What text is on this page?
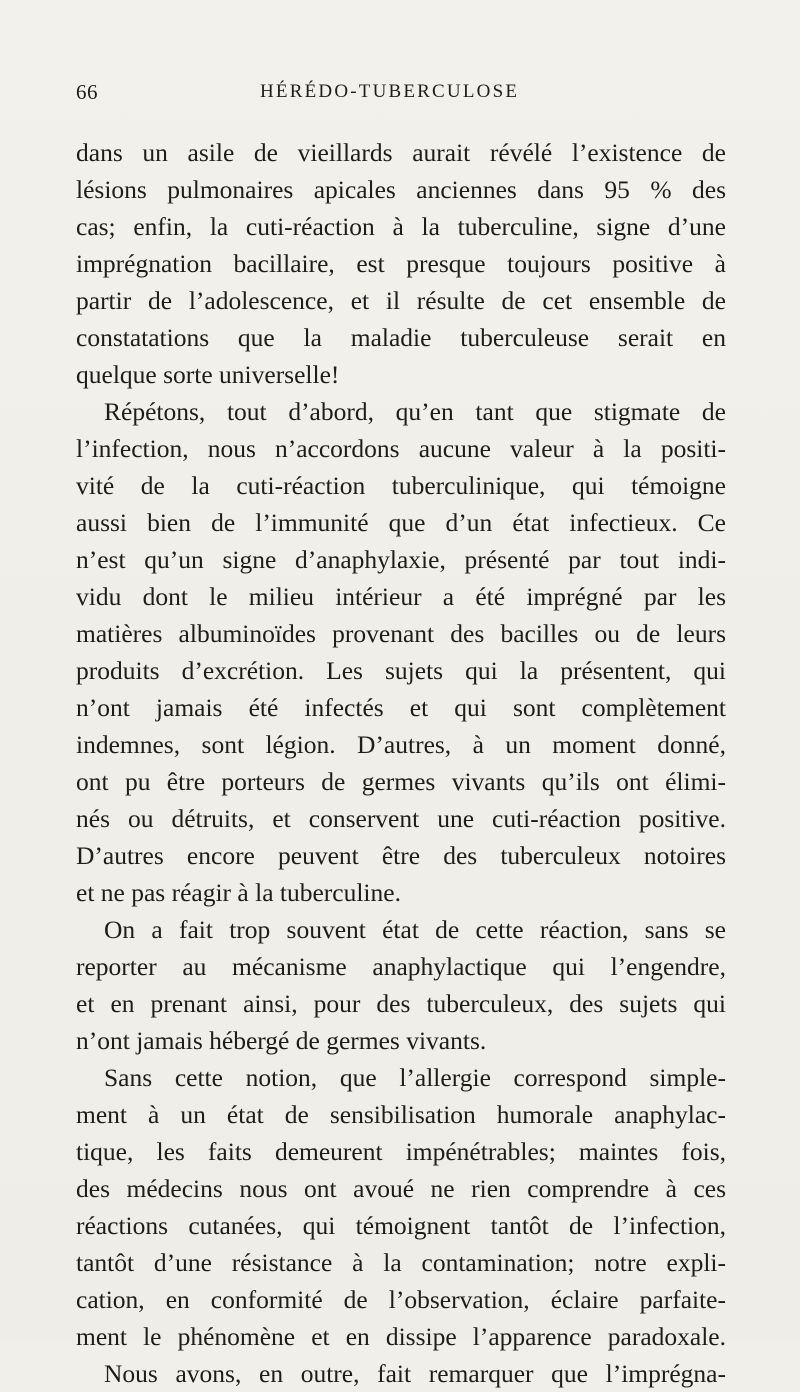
66	HÉRÉDO-TUBERCULOSE
dans un asile de vieillards aurait révélé l’existence de
lésions pulmonaires apicales anciennes dans 95 % des
cas; enfin, la cuti-réaction à la tuberculine, signe d’une
imprégnation bacillaire, est presque toujours positive à
partir de l’adolescence, et il résulte de cet ensemble de
constatations que la maladie tuberculeuse serait en
quelque sorte universelle!
Répétons, tout d’abord, qu’en tant que stigmate de
l’infection, nous n’accordons aucune valeur à la positi-
vité de la cuti-réaction tuberculinique, qui témoigne
aussi bien de l’immunité que d’un état infectieux. Ce
n’est qu’un signe d’anaphylaxie, présenté par tout indi-
vidu dont le milieu intérieur a été imprégné par les
matières albuminoïdes provenant des bacilles ou de leurs
produits d’excrétion. Les sujets qui la présentent, qui
n’ont jamais été infectés et qui sont complètement
indemnes, sont légion. D’autres, à un moment donné,
ont pu être porteurs de germes vivants qu’ils ont élimi-
nés ou détruits, et conservent une cuti-réaction positive.
D’autres encore peuvent être des tuberculeux notoires
et ne pas réagir à la tuberculine.
On a fait trop souvent état de cette réaction, sans se
reporter au mécanisme anaphylactique qui l’engendre,
et en prenant ainsi, pour des tuberculeux, des sujets qui
n’ont jamais hébergé de germes vivants.
Sans cette notion, que l’allergie correspond simple-
ment à un état de sensibilisation humorale anaphylac-
tique, les faits demeurent impénétrables; maintes fois,
des médecins nous ont avoué ne rien comprendre à ces
réactions cutanées, qui témoignent tantôt de l’infection,
tantôt d’une résistance à la contamination; notre expli-
cation, en conformité de l’observation, éclaire parfaite-
ment le phénomène et en dissipe l’apparence paradoxale.
Nous avons, en outre, fait remarquer que l’imprégna-
